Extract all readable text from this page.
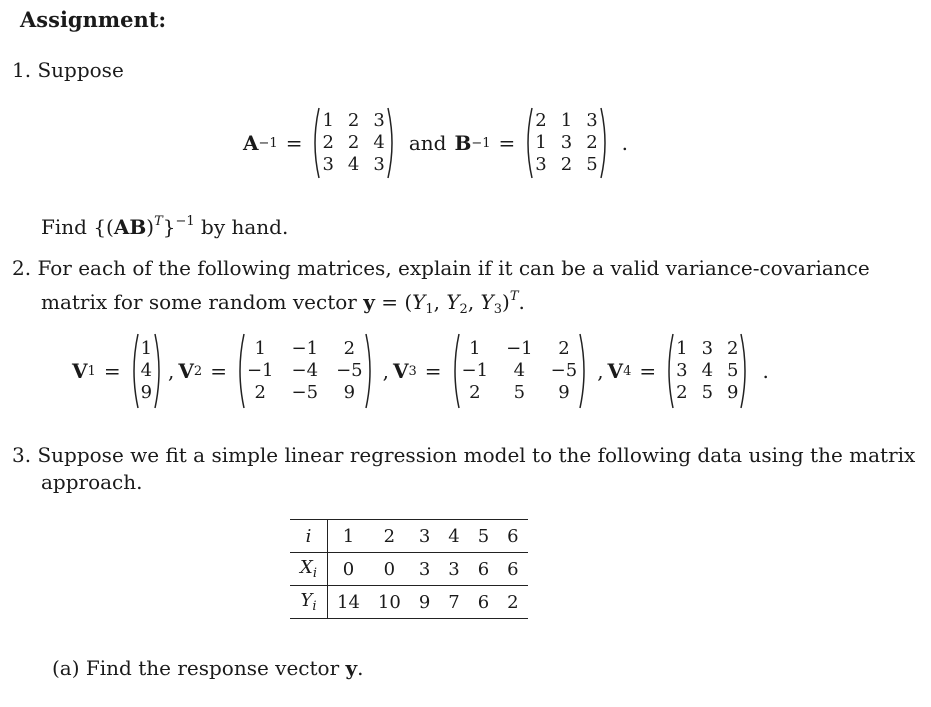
Assignment:
1. Suppose
A −1 =
1 2 3
2 2 4
3 4 3
and B −1 =
2 1 3
1 3 2
3 2 5
.
Find $\{(AB)^T\}^{-1}$ by hand.
2. For each of the following matrices, explain if it can be a valid variance-covariance
matrix for some random vector $y = (Y_1$, $Y_2$, $Y_3)^T$.
V 1 =
1
4
9
, V 2 =
1	−1	2
−1 −4 −5
2	−5	9
, V 3 =
1	−1	2
−1	4	−5
2	5	9
, V 4 =
1 3 2
3 4 5
2 5 9
.
3. Suppose we fit a simple linear regression model to the following data using the matrix
approach.
i	1	2	3	4	5	6
$X_i$	0	0	3	3	6	6
$Y_i$	14	10	9	7	6	2
(a) Find the response vector y.
